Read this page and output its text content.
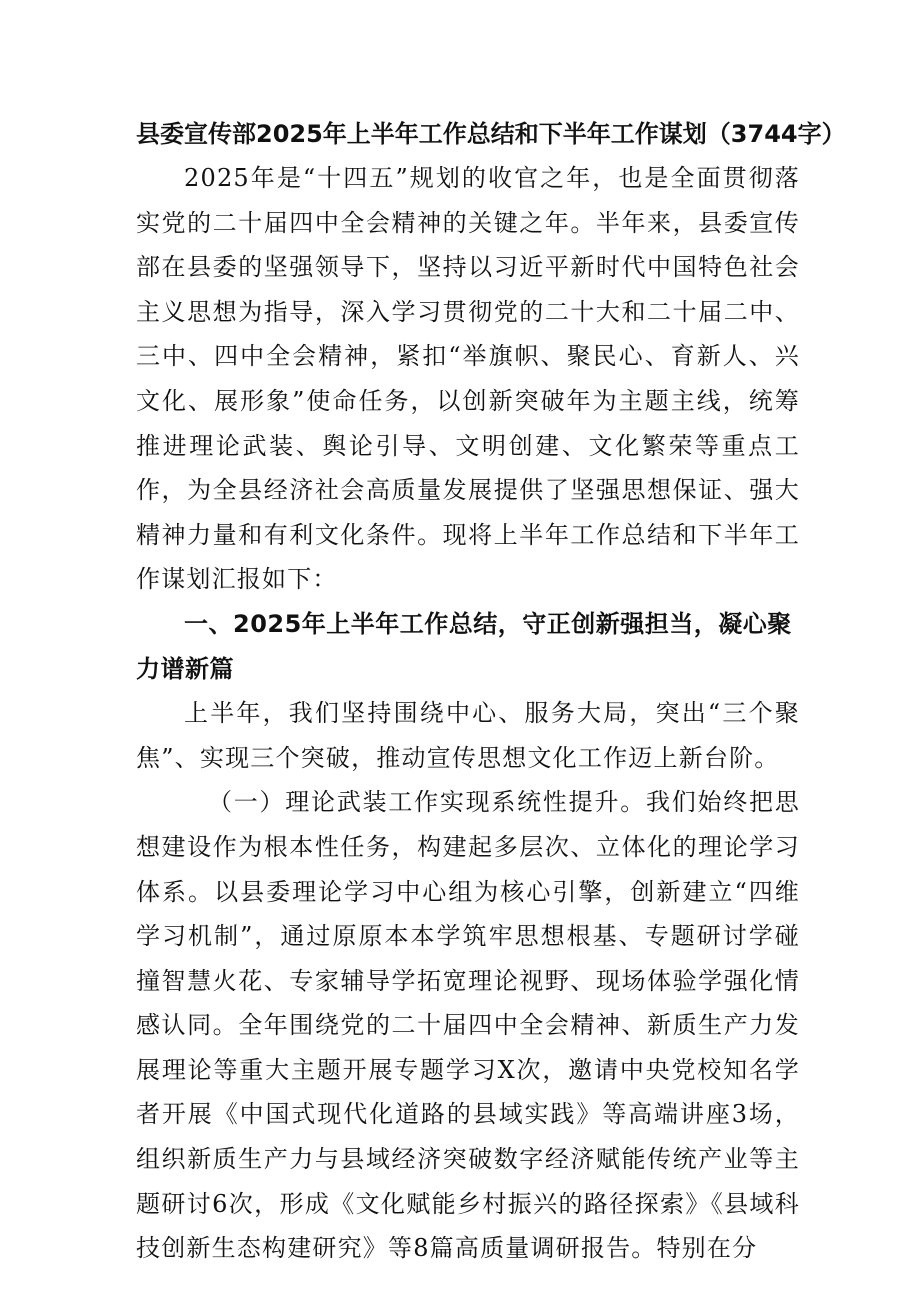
县委宣传部2025年上半年工作总结和下半年工作谋划（3744字）

2025年是“十四五”规划的收官之年，也是全面贯彻落实党的二十届四中全会精神的关键之年。半年来，县委宣传部在县委的坚强领导下，坚持以习近平新时代中国特色社会主义思想为指导，深入学习贯彻党的二十大和二十届二中、三中、四中全会精神，紧扣“举旗帜、聚民心、育新人、兴文化、展形象”使命任务，以创新突破年为主题主线，统筹推进理论武装、舆论引导、文明创建、文化繁荣等重点工作，为全县经济社会高质量发展提供了坚强思想保证、强大精神力量和有利文化条件。现将上半年工作总结和下半年工作谋划汇报如下：

一、2025年上半年工作总结，守正创新强担当，凝心聚力谱新篇

上半年，我们坚持围绕中心、服务大局，突出“三个聚焦”、实现三个突破，推动宣传思想文化工作迈上新台阶。

（一）理论武装工作实现系统性提升。我们始终把思想建设作为根本性任务，构建起多层次、立体化的理论学习体系。以县委理论学习中心组为核心引擎，创新建立“四维学习机制”，通过原原本本学筑牢思想根基、专题研讨学碰撞智慧火花、专家辅导学拓宽理论视野、现场体验学强化情感认同。全年围绕党的二十届四中全会精神、新质生产力发展理论等重大主题开展专题学习X次，邀请中央党校知名学者开展《中国式现代化道路的县域实践》等高端讲座3场，组织新质生产力与县域经济突破数字经济赋能传统产业等主题研讨6次，形成《文化赋能乡村振兴的路径探索》《县域科技创新生态构建研究》等8篇高质量调研报告。特别在分
